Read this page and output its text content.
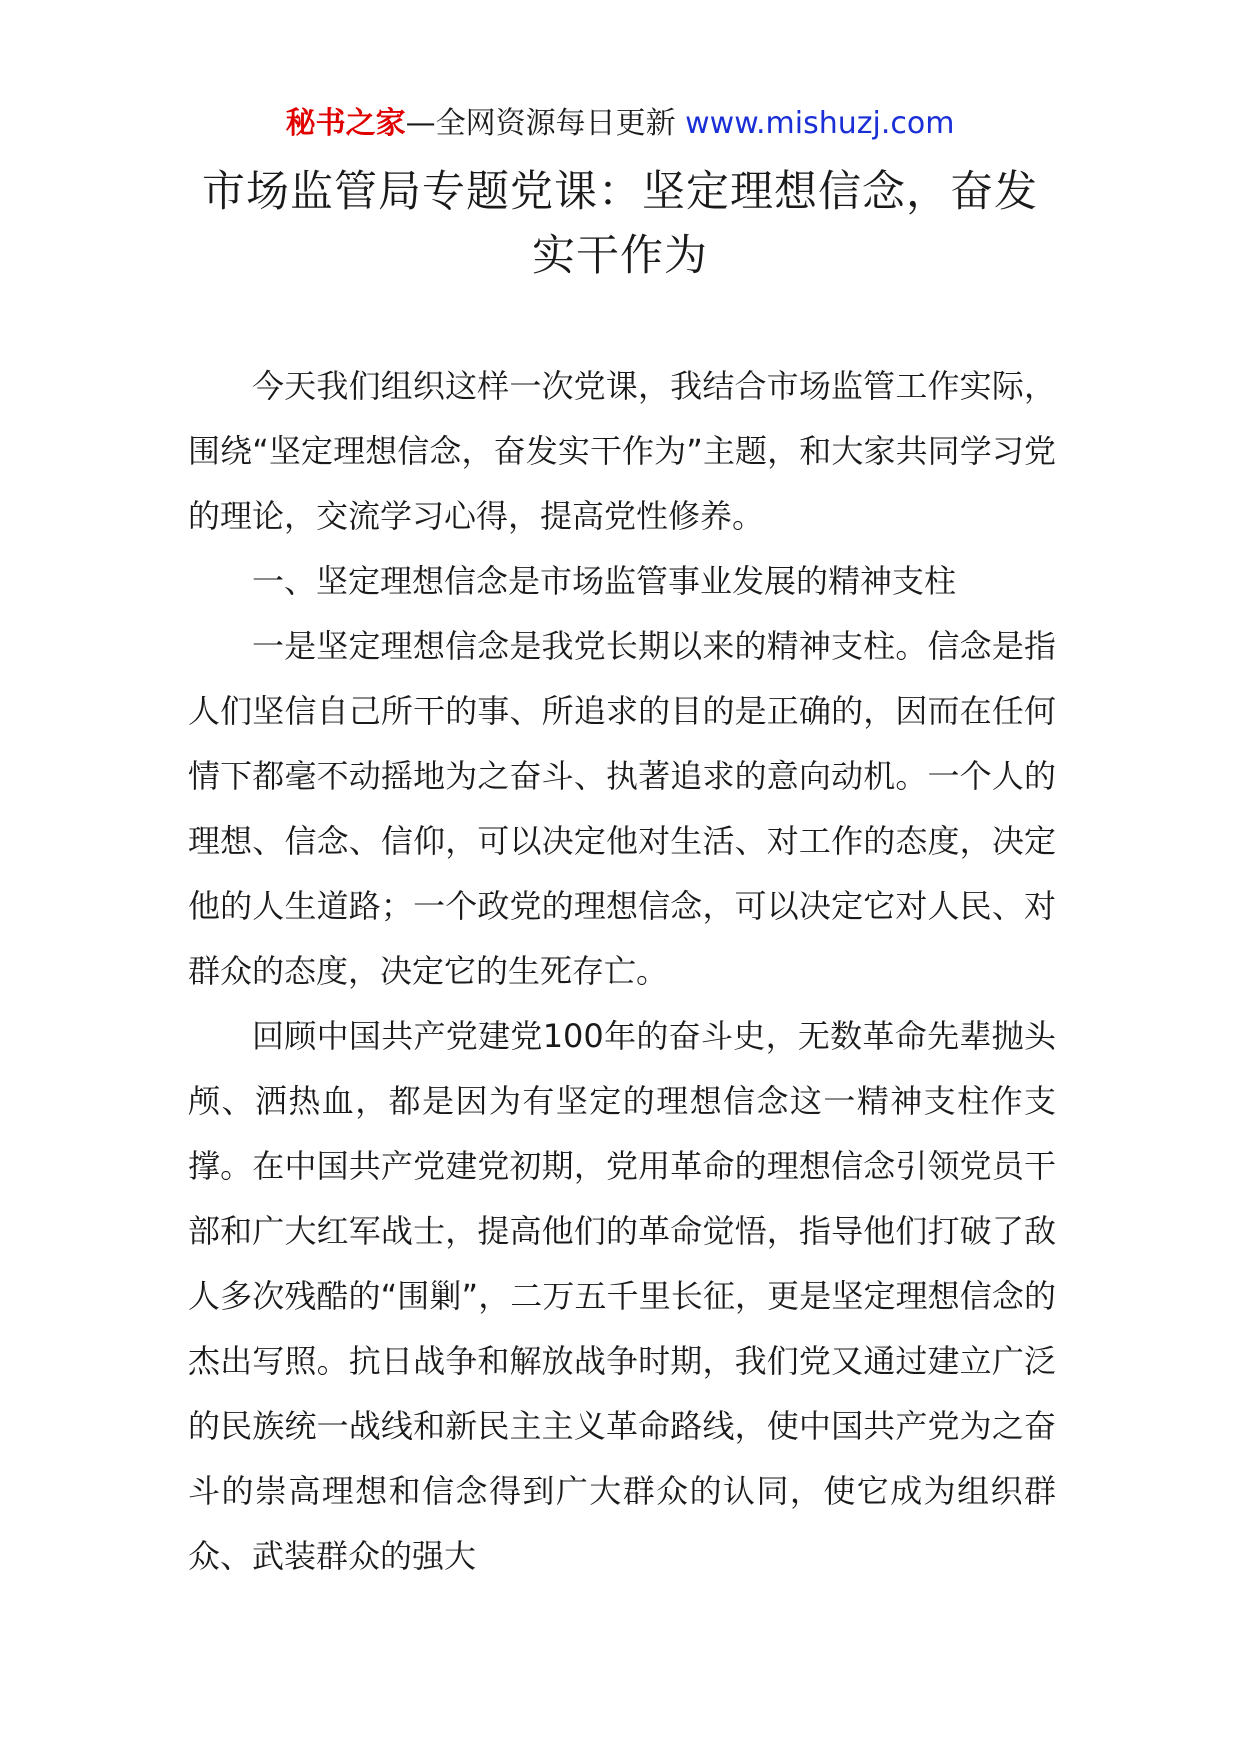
秘书之家—全网资源每日更新 www.mishuzj.com
市场监管局专题党课：坚定理想信念，奋发实干作为

今天我们组织这样一次党课，我结合市场监管工作实际，围绕“坚定理想信念，奋发实干作为”主题，和大家共同学习党的理论，交流学习心得，提高党性修养。

一、坚定理想信念是市场监管事业发展的精神支柱

一是坚定理想信念是我党长期以来的精神支柱。信念是指人们坚信自己所干的事、所追求的目的是正确的，因而在任何情下都毫不动摇地为之奋斗、执著追求的意向动机。一个人的理想、信念、信仰，可以决定他对生活、对工作的态度，决定他的人生道路；一个政党的理想信念，可以决定它对人民、对群众的态度，决定它的生死存亡。

回顾中国共产党建党100年的奋斗史，无数革命先辈抛头颅、洒热血，都是因为有坚定的理想信念这一精神支柱作支撑。在中国共产党建党初期，党用革命的理想信念引领党员干部和广大红军战士，提高他们的革命觉悟，指导他们打破了敌人多次残酷的“围剿”，二万五千里长征，更是坚定理想信念的杰出写照。抗日战争和解放战争时期，我们党又通过建立广泛的民族统一战线和新民主主义革命路线，使中国共产党为之奋斗的崇高理想和信念得到广大群众的认同，使它成为组织群众、武装群众的强大
